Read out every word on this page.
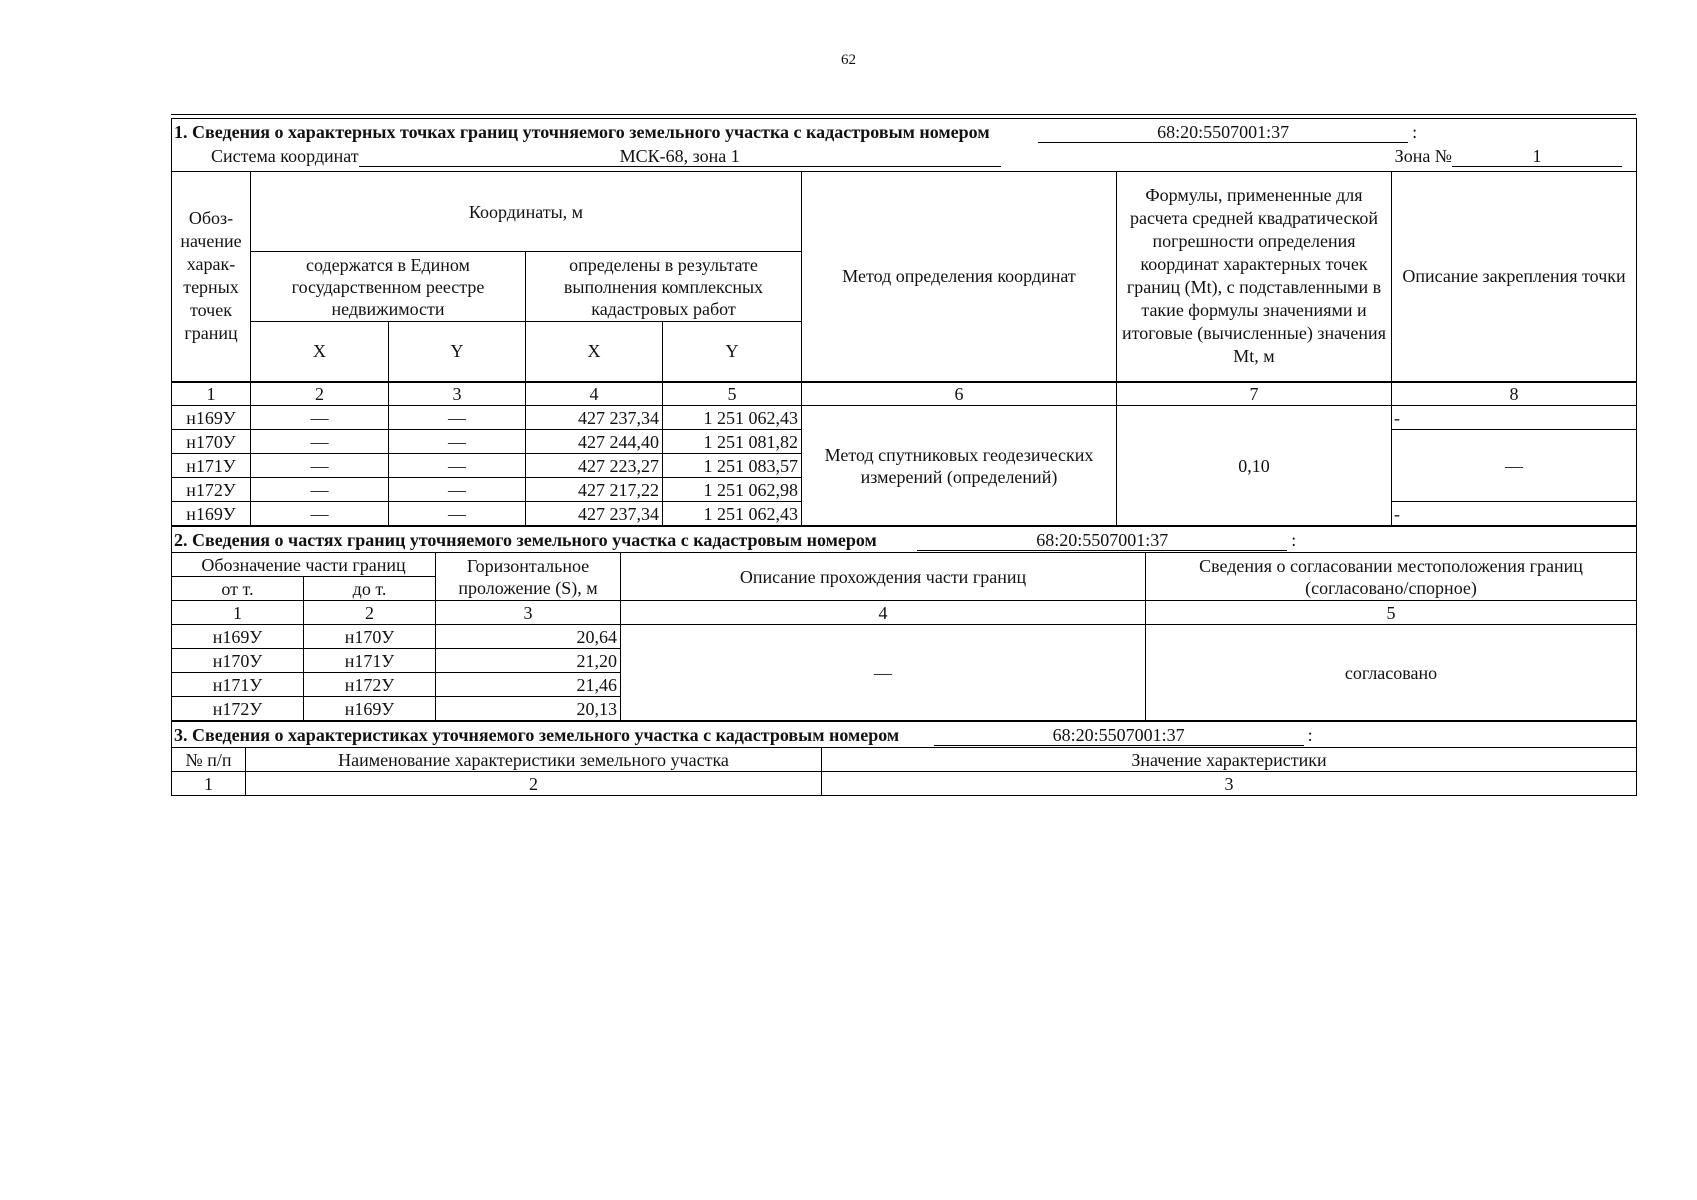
62
1. Сведения о характерных точках границ уточняемого земельного участка с кадастровым номером 68:20:5507001:37 :
Система координат МСК-68, зона 1 Зона № 1							

Обоз-начение харак-терных точек границ	Координаты, м				Метод определения координат	Формулы, примененные для расчета средней квадратической погрешности определения координат характерных точек границ (Mt), с подставленными в такие формулы значениями и итоговые (вычисленные) значения Mt, м	Описание закрепления точки
	содержатся в Едином государственном реестре недвижимости		определены в результате выполнения комплексных кадастровых работ				
	X	Y	X	Y			
1	2	3	4	5	6	7	8
н169У	—	—	427 237,34	1 251 062,43	Метод спутниковых геодезических измерений (определений)	0,10	-
н170У	—	—	427 244,40	1 251 081,82			—
н171У	—	—	427 223,27	1 251 083,57			
н172У	—	—	427 217,22	1 251 062,98			
н169У	—	—	427 237,34	1 251 062,43			-
2. Сведения о частях границ уточняемого земельного участка с кадастровым номером 68:20:5507001:37 :				
Обозначение части границ		Горизонтальное проложение (S), м	Описание прохождения части границ	Сведения о согласовании местоположения границ (согласовано/спорное)
от т.	до т.			
1	2	3	4	5
н169У	н170У	20,64	—	согласовано
н170У	н171У	21,20		
н171У	н172У	21,46		
н172У	н169У	20,13		
3. Сведения о характеристиках уточняемого земельного участка с кадастровым номером 68:20:5507001:37 :		
№ п/п	Наименование характеристики земельного участка	Значение характеристики
1	2	3
